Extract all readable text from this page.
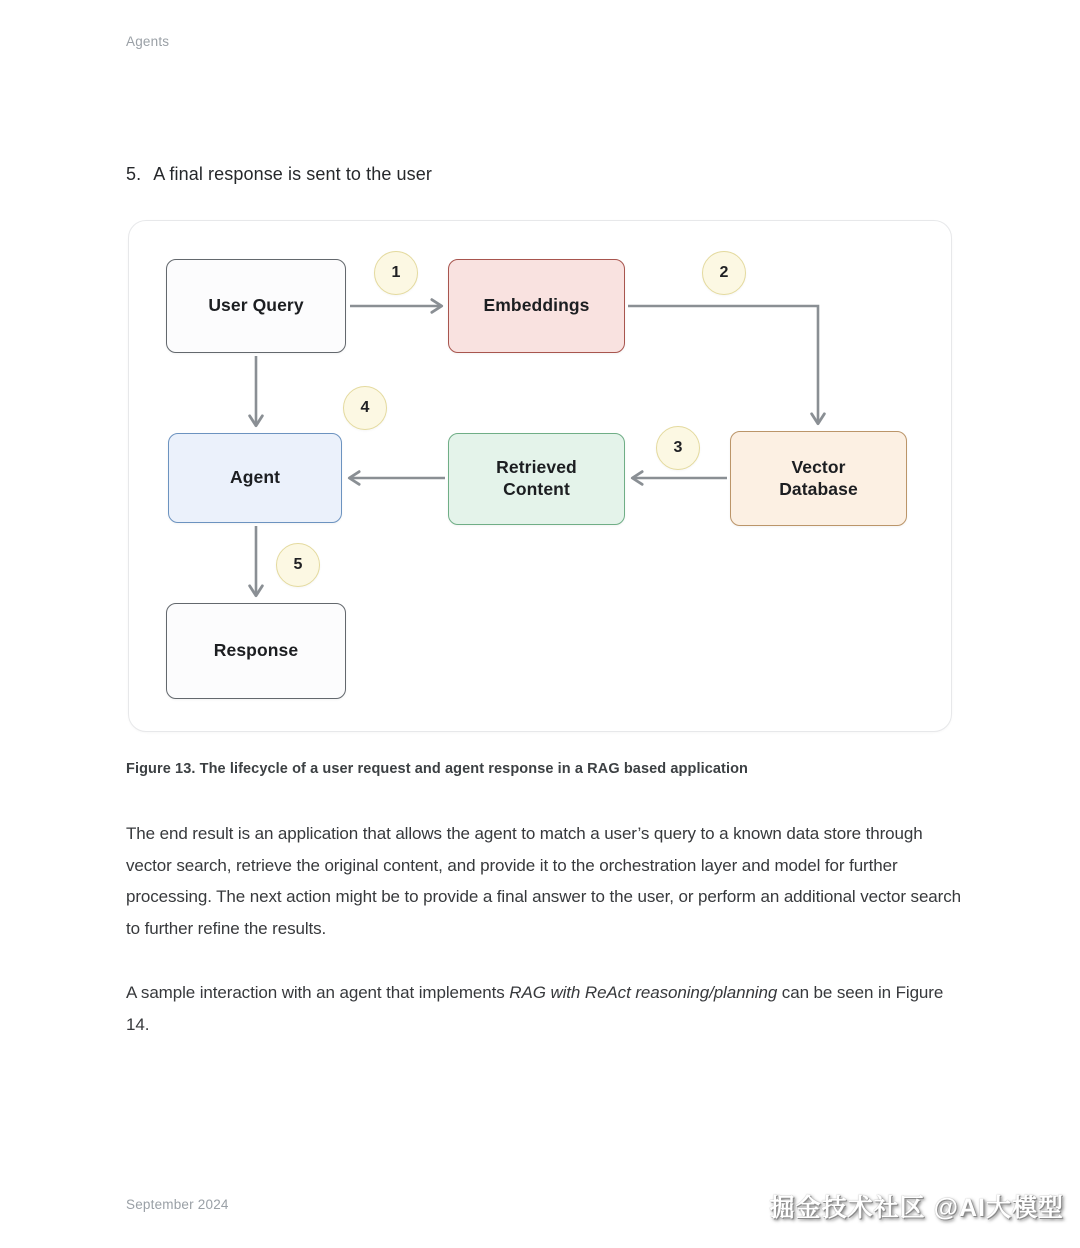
Agents
5. A final response is sent to the user
User Query	Embeddings
Agent	Retrieved Content
Vector Database
Response
1	2
3
4
5
Figure 13. The lifecycle of a user request and agent response in a RAG based application
The end result is an application that allows the agent to match a user’s query to a known data store through vector search, retrieve the original content, and provide it to the orchestration layer and model for further processing. The next action might be to provide a final answer to the user, or perform an additional vector search to further refine the results.
A sample interaction with an agent that implements RAG with ReAct reasoning/planning can be seen in Figure 14.
September 2024	掘金技术社区 @AI大模型
